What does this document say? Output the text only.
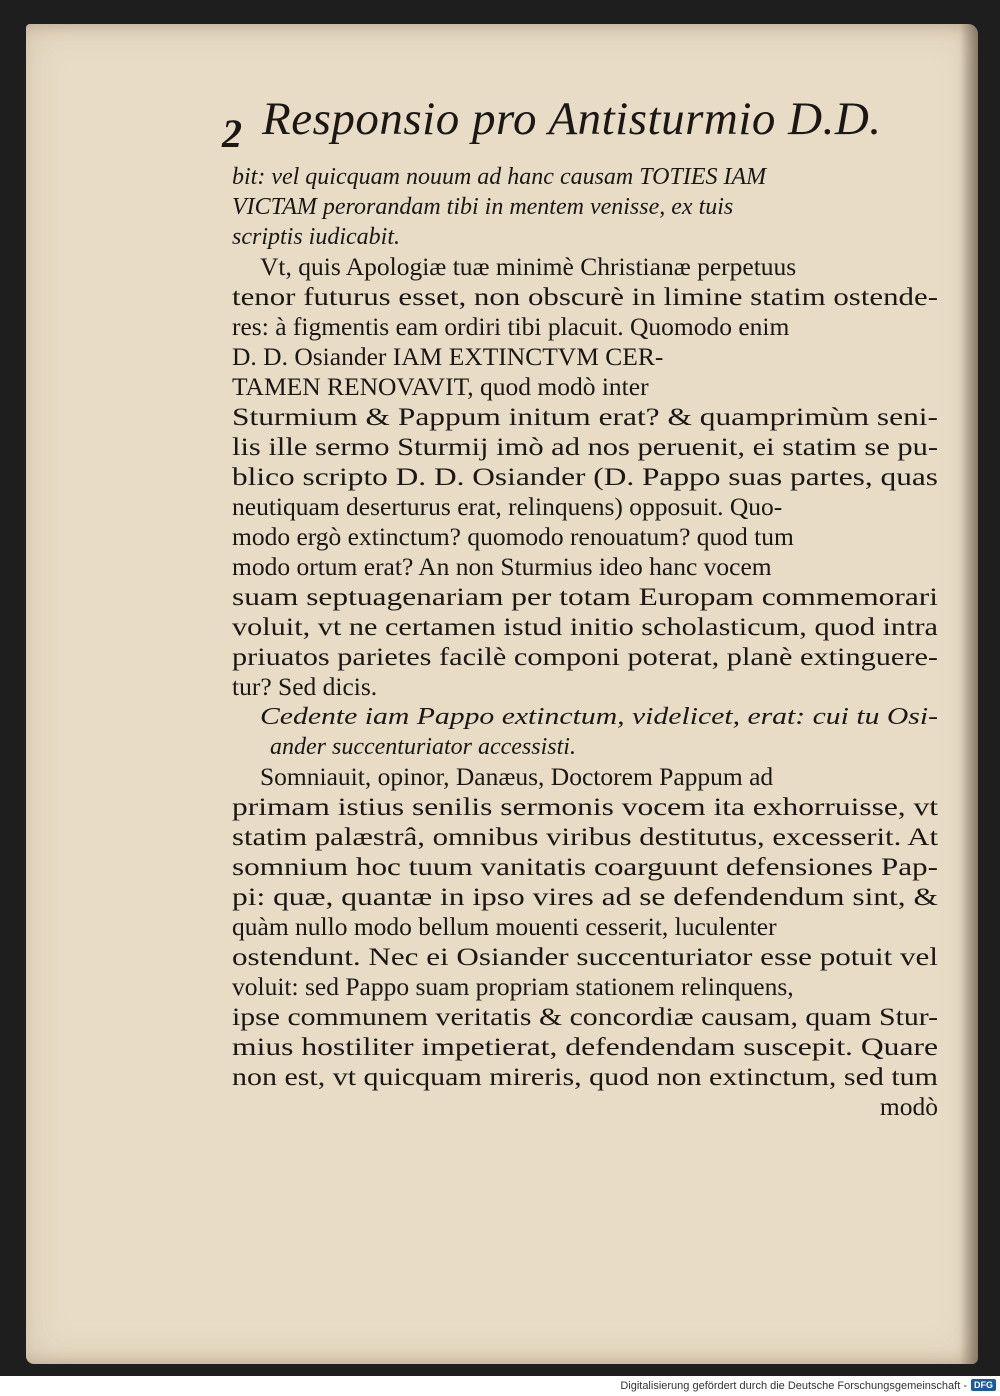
2 Responsio pro Antisturmio D.D.
bit: vel quicquam nouum ad hanc causam TOTIES IAM
VICTAM perorandam tibi in mentem venisse, ex tuis
scriptis iudicabit.
Vt, quis Apologiæ tuæ minimè Christianæ perpetuus
tenor futurus esset, non obscurè in limine statim ostende-
res: à figmentis eam ordiri tibi placuit. Quomodo enim
D. D. Osiander IAM EXTINCTVM CER-
TAMEN RENOVAVIT, quod modò inter
Sturmium & Pappum initum erat? & quamprimùm seni-
lis ille sermo Sturmij imò ad nos peruenit, ei statim se pu-
blico scripto D. D. Osiander (D. Pappo suas partes, quas
neutiquam deserturus erat, relinquens) opposuit. Quo-
modo ergò extinctum? quomodo renouatum? quod tum
modo ortum erat? An non Sturmius ideo hanc vocem
suam septuagenariam per totam Europam commemorari
voluit, vt ne certamen istud initio scholasticum, quod intra
priuatos parietes facilè componi poterat, planè extinguere-
tur? Sed dicis.
Cedente iam Pappo extinctum, videlicet, erat: cui tu Osi-
ander succenturiator accessisti.
Somniauit, opinor, Danæus, Doctorem Pappum ad
primam istius senilis sermonis vocem ita exhorruisse, vt
statim palæstrâ, omnibus viribus destitutus, excesserit. At
somnium hoc tuum vanitatis coarguunt defensiones Pap-
pi: quæ, quantæ in ipso vires ad se defendendum sint, &
quàm nullo modo bellum mouenti cesserit, luculenter
ostendunt. Nec ei Osiander succenturiator esse potuit vel
voluit: sed Pappo suam propriam stationem relinquens,
ipse communem veritatis & concordiæ causam, quam Stur-
mius hostiliter impetierat, defendendam suscepit. Quare
non est, vt quicquam mireris, quod non extinctum, sed tum
modò
Digitalisierung gefördert durch die Deutsche Forschungsgemeinschaft - DFG
